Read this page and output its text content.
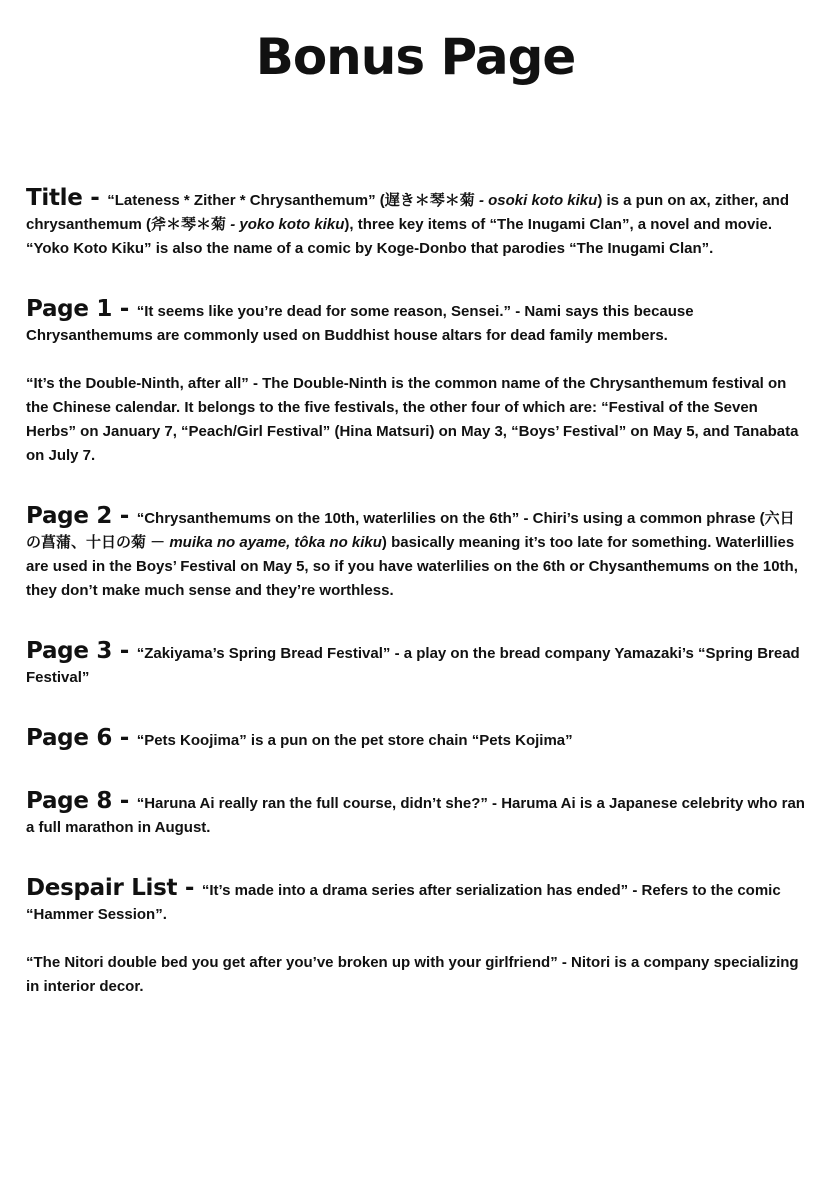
Bonus Page

Title - “Lateness * Zither * Chrysanthemum” (遅き＊琴＊菊 - osoki koto kiku) is a pun on ax, zither, and chrysanthemum (斧＊琴＊菊 - yoko koto kiku), three key items of “The Inugami Clan”, a novel and movie. “Yoko Koto Kiku” is also the name of a comic by Koge-Donbo that parodies “The Inugami Clan”.

Page 1 - “It seems like you’re dead for some reason, Sensei.” - Nami says this because Chrysanthemums are commonly used on Buddhist house altars for dead family members.

“It’s the Double-Ninth, after all” - The Double-Ninth is the common name of the Chrysanthemum festival on the Chinese calendar. It belongs to the five festivals, the other four of which are: “Festival of the Seven Herbs” on January 7, “Peach/Girl Festival” (Hina Matsuri) on May 3, “Boys’ Festival” on May 5, and Tanabata on July 7.

Page 2 - “Chrysanthemums on the 10th, waterlilies on the 6th” - Chiri’s using a common phrase (六日の菖蒲、十日の菊 － muika no ayame, tôka no kiku) basically meaning it’s too late for something. Waterlillies are used in the Boys’ Festival on May 5, so if you have waterlilies on the 6th or Chysanthemums on the 10th, they don’t make much sense and they’re worthless.

Page 3 - “Zakiyama’s Spring Bread Festival” - a play on the bread company Yamazaki’s “Spring Bread Festival”

Page 6 - “Pets Koojima” is a pun on the pet store chain “Pets Kojima”

Page 8 - “Haruna Ai really ran the full course, didn’t she?” - Haruma Ai is a Japanese celebrity who ran a full marathon in August.

Despair List - “It’s made into a drama series after serialization has ended” - Refers to the comic “Hammer Session”.

“The Nitori double bed you get after you’ve broken up with your girlfriend” - Nitori is a company specializing in interior decor.
